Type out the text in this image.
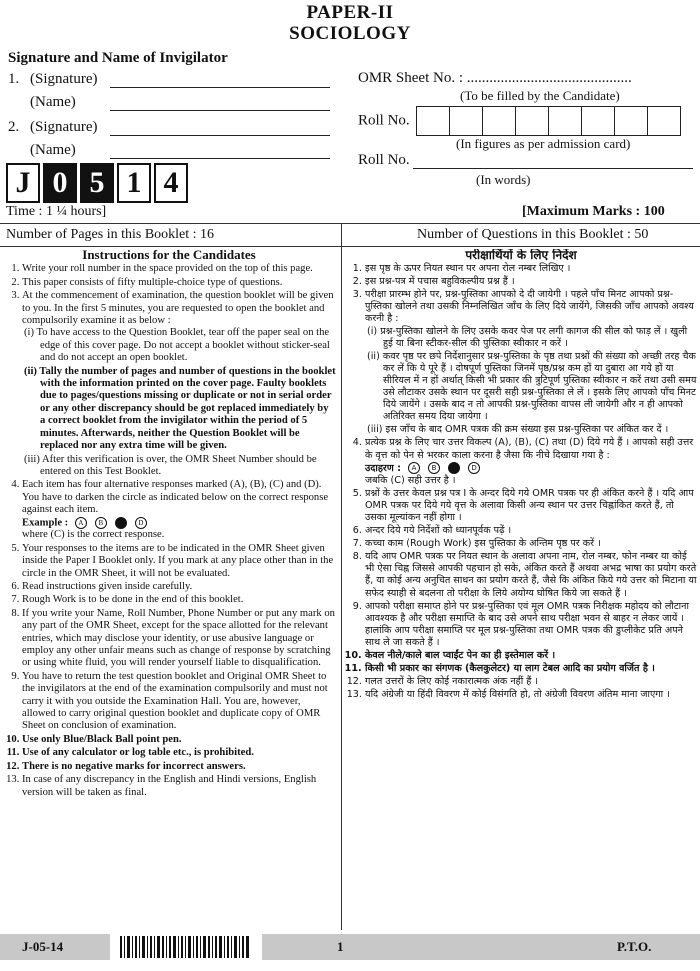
PAPER-II
SOCIOLOGY
Signature and Name of Invigilator
1. (Signature)
(Name)
2. (Signature)
(Name)
OMR Sheet No. : ............................................
(To be filled by the Candidate)
Roll No.
(In figures as per admission card)
Roll No.
(In words)
J 0 5 1 4
Time : 1 ¼ hours]	[Maximum Marks : 100
Number of Pages in this Booklet : 16	Number of Questions in this Booklet : 50
Instructions for the Candidates
1. Write your roll number in the space provided on the top of this page.
2. This paper consists of fifty multiple-choice type of questions.
3. At the commencement of examination, the question booklet will be given to you. In the first 5 minutes, you are requested to open the booklet and compulsorily examine it as below :
(i) To have access to the Question Booklet, tear off the paper seal on the edge of this cover page. Do not accept a booklet without sticker-seal and do not accept an open booklet.
(ii) Tally the number of pages and number of questions in the booklet with the information printed on the cover page. Faulty booklets due to pages/questions missing or duplicate or not in serial order or any other discrepancy should be got replaced immediately by a correct booklet from the invigilator within the period of 5 minutes. Afterwards, neither the Question Booklet will be replaced nor any extra time will be given.
(iii) After this verification is over, the OMR Sheet Number should be entered on this Test Booklet.
4. Each item has four alternative responses marked (A), (B), (C) and (D). You have to darken the circle as indicated below on the correct response against each item.
Example : A B	D
where (C) is the correct response.
5. Your responses to the items are to be indicated in the OMR Sheet given inside the Paper I Booklet only. If you mark at any place other than in the circle in the OMR Sheet, it will not be evaluated.
6. Read instructions given inside carefully.
7. Rough Work is to be done in the end of this booklet.
8. If you write your Name, Roll Number, Phone Number or put any mark on any part of the OMR Sheet, except for the space allotted for the relevant entries, which may disclose your identity, or use abusive language or employ any other unfair means such as change of response by scratching or using white fluid, you will render yourself liable to disqualification.
9. You have to return the test question booklet and Original OMR Sheet to the invigilators at the end of the examination compulsorily and must not carry it with you outside the Examination Hall. You are, however, allowed to carry original question booklet and duplicate copy of OMR Sheet on conclusion of examination.
10. Use only Blue/Black Ball point pen.
11. Use of any calculator or log table etc., is prohibited.
12. There is no negative marks for incorrect answers.
13. In case of any discrepancy in the English and Hindi versions, English version will be taken as final.
परीक्षार्थियों के लिए निर्देश
1. इस पृष्ठ के ऊपर नियत स्थान पर अपना रोल नम्बर लिखिए ।
2. इस प्रश्न-पत्र में पचास बहुविकल्पीय प्रश्न हैं ।
3. परीक्षा प्रारम्भ होने पर, प्रश्न-पुस्तिका आपको दे दी जायेगी । पहले पाँच मिनट आपको प्रश्न-पुस्तिका खोलने तथा उसकी निम्नलिखित जाँच के लिए दिये जायेंगे, जिसकी जाँच आपको अवश्य करनी है :
(i) प्रश्न-पुस्तिका खोलने के लिए उसके कवर पेज पर लगी कागज की सील को फाड़ लें । खुली हुई या बिना स्टीकर-सील की पुस्तिका स्वीकार न करें ।
(ii) कवर पृष्ठ पर छपे निर्देशानुसार प्रश्न-पुस्तिका के पृष्ठ तथा प्रश्नों की संख्या को अच्छी तरह चैक कर लें कि ये पूरे हैं । दोषपूर्ण पुस्तिका जिनमें पृष्ठ/प्रश्न कम हों या दुबारा आ गये हों या सीरियल में न हों अर्थात् किसी भी प्रकार की त्रुटिपूर्ण पुस्तिका स्वीकार न करें तथा उसी समय उसे लौटाकर उसके स्थान पर दूसरी सही प्रश्न-पुस्तिका ले लें । इसके लिए आपको पाँच मिनट दिये जायेंगे । उसके बाद न तो आपकी प्रश्न-पुस्तिका वापस ली जायेगी और न ही आपको अतिरिक्त समय दिया जायेगा ।
(iii) इस जाँच के बाद OMR पत्रक की क्रम संख्या इस प्रश्न-पुस्तिका पर अंकित कर दें ।
4. प्रत्येक प्रश्न के लिए चार उत्तर विकल्प (A), (B), (C) तथा (D) दिये गये हैं । आपको सही उत्तर के वृत्त को पेन से भरकर काला करना है जैसा कि नीचे दिखाया गया है :
उदाहरण : A B	D
जबकि (C) सही उत्तर है ।
5. प्रश्नों के उत्तर केवल प्रश्न पत्र I के अन्दर दिये गये OMR पत्रक पर ही अंकित करने हैं । यदि आप OMR पत्रक पर दिये गये वृत्त के अलावा किसी अन्य स्थान पर उत्तर चिह्नांकित करते हैं, तो उसका मूल्यांकन नहीं होगा ।
6. अन्दर दिये गये निर्देशों को ध्यानपूर्वक पढ़ें ।
7. कच्चा काम (Rough Work) इस पुस्तिका के अन्तिम पृष्ठ पर करें ।
8. यदि आप OMR पत्रक पर नियत स्थान के अलावा अपना नाम, रोल नम्बर, फोन नम्बर या कोई भी ऐसा चिह्न जिससे आपकी पहचान हो सके, अंकित करते हैं अथवा अभद्र भाषा का प्रयोग करते हैं, या कोई अन्य अनुचित साधन का प्रयोग करते हैं, जैसे कि अंकित किये गये उत्तर को मिटाना या सफेद स्याही से बदलना तो परीक्षा के लिये अयोग्य घोषित किये जा सकते हैं ।
9. आपको परीक्षा समाप्त होने पर प्रश्न-पुस्तिका एवं मूल OMR पत्रक निरीक्षक महोदय को लौटाना आवश्यक है और परीक्षा समाप्ति के बाद उसे अपने साथ परीक्षा भवन से बाहर न लेकर जायें । हालांकि आप परीक्षा समाप्ति पर मूल प्रश्न-पुस्तिका तथा OMR पत्रक की डुप्लीकेट प्रति अपने साथ ले जा सकते हैं ।
10. केवल नीले/काले बाल प्वाईंट पेन का ही इस्तेमाल करें ।
11. किसी भी प्रकार का संगणक (कैलकुलेटर) या लाग टेबल आदि का प्रयोग वर्जित है ।
12. गलत उत्तरों के लिए कोई नकारात्मक अंक नहीं हैं ।
13. यदि अंग्रेजी या हिंदी विवरण में कोई विसंगति हो, तो अंग्रेजी विवरण अंतिम माना जाएगा ।
J-05-14	1	P.T.O.
